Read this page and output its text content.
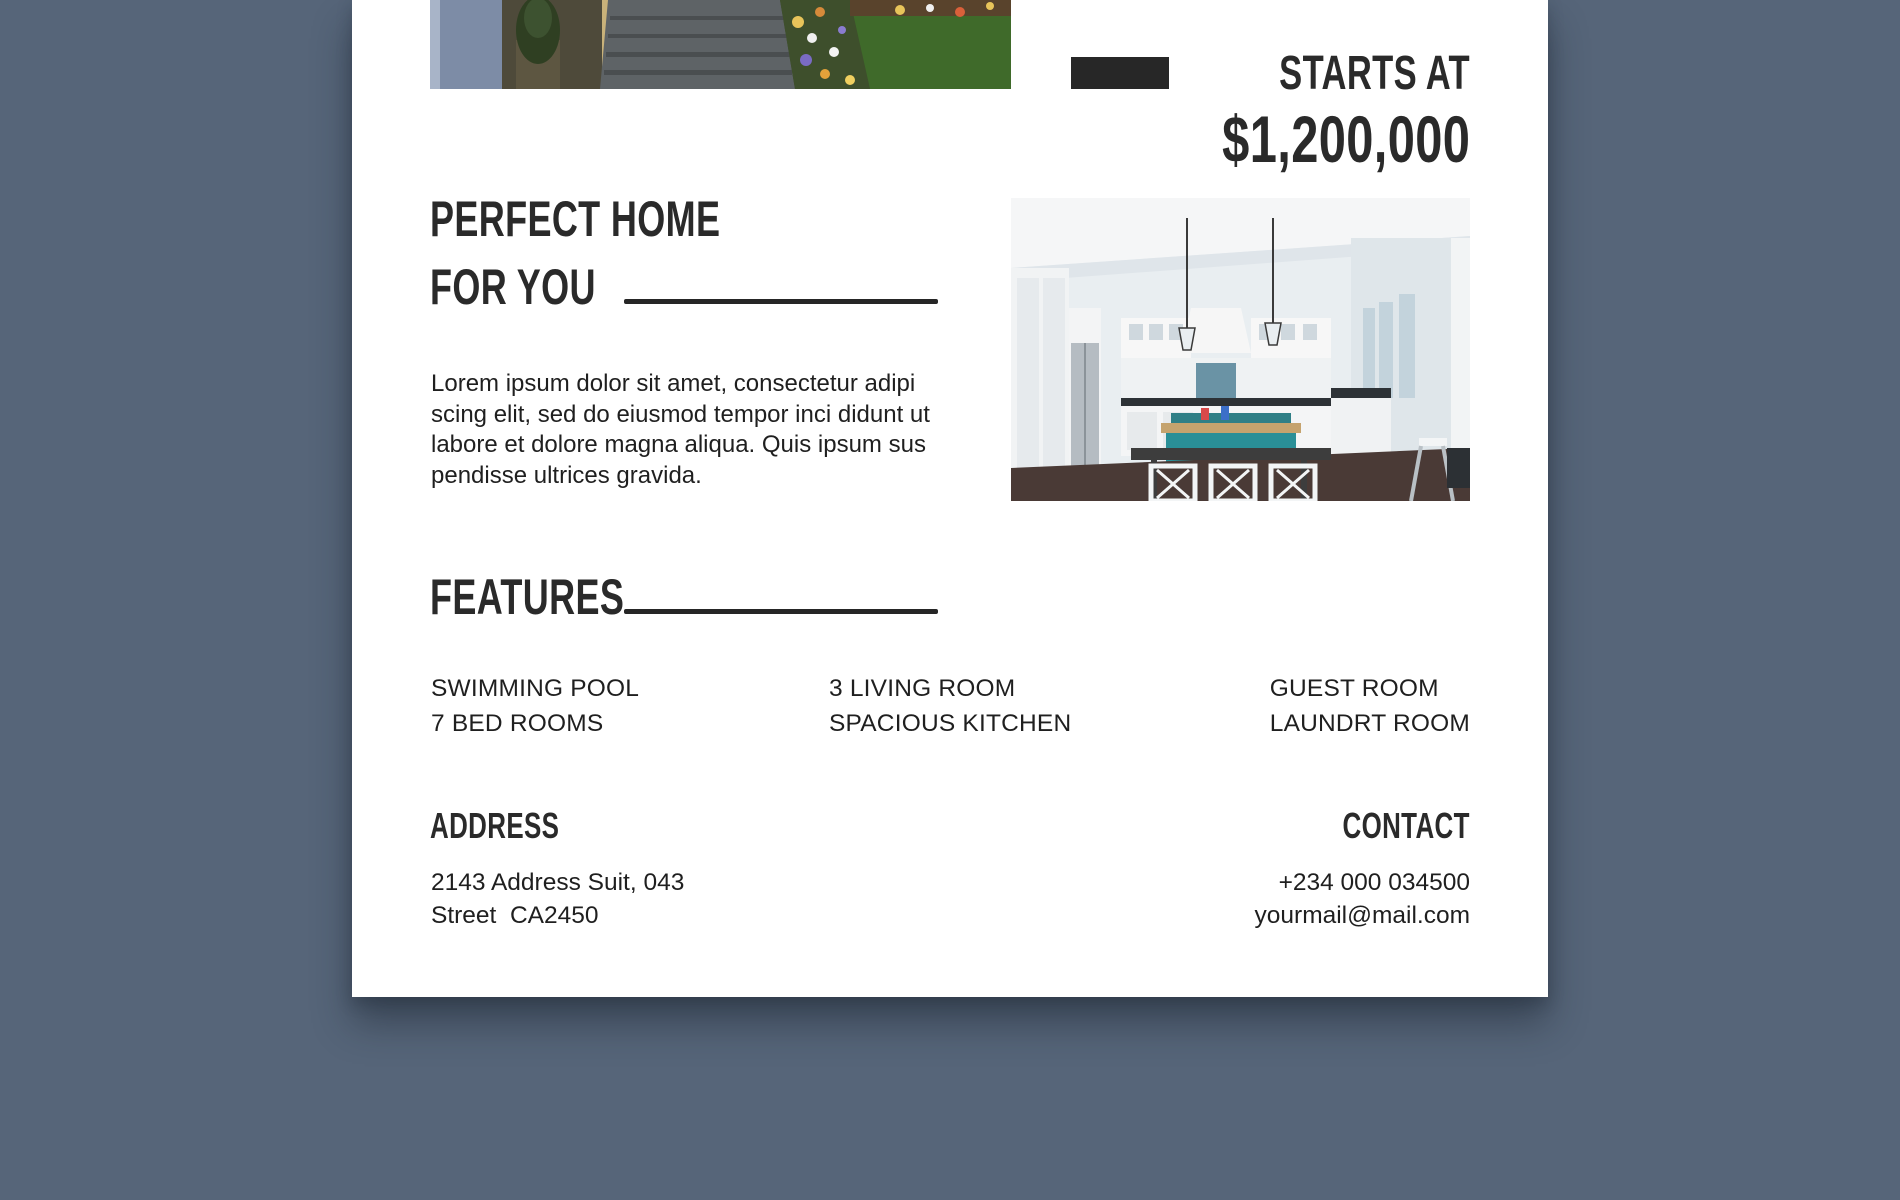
STARTS AT
$1,200,000
PERFECT HOME
FOR YOU

Lorem ipsum dolor sit amet, consectetur adipi scing elit, sed do eiusmod tempor inci didunt ut labore et dolore magna aliqua. Quis ipsum sus pendisse ultrices gravida.

FEATURES
SWIMMING POOL
7 BED ROOMS
3 LIVING ROOM
SPACIOUS KITCHEN
GUEST ROOM
LAUNDRT ROOM
ADDRESS	CONTACT
2143 Address Suit, 043
Street  CA2450
+234 000 034500
yourmail@mail.com
